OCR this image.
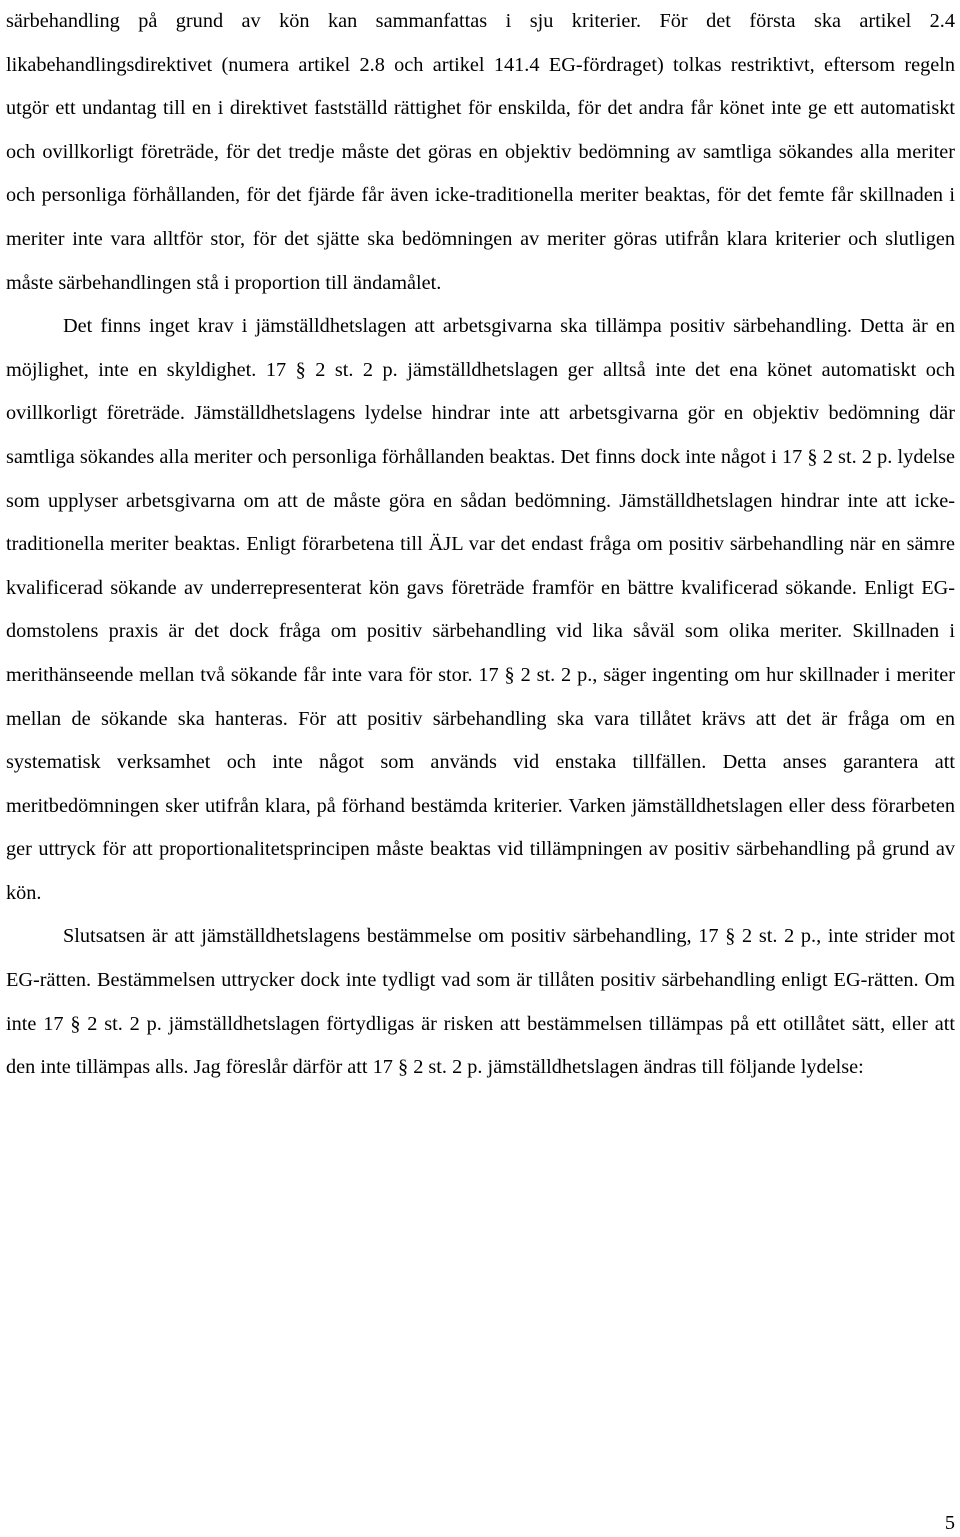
särbehandling på grund av kön kan sammanfattas i sju kriterier. För det första ska artikel 2.4 likabehandlingsdirektivet (numera artikel 2.8 och artikel 141.4 EG-fördraget) tolkas restriktivt, eftersom regeln utgör ett undantag till en i direktivet fastställd rättighet för enskilda, för det andra får könet inte ge ett automatiskt och ovillkorligt företräde, för det tredje måste det göras en objektiv bedömning av samtliga sökandes alla meriter och personliga förhållanden, för det fjärde får även icke-traditionella meriter beaktas, för det femte får skillnaden i meriter inte vara alltför stor, för det sjätte ska bedömningen av meriter göras utifrån klara kriterier och slutligen måste särbehandlingen stå i proportion till ändamålet.

Det finns inget krav i jämställdhetslagen att arbetsgivarna ska tillämpa positiv särbehandling. Detta är en möjlighet, inte en skyldighet. 17 § 2 st. 2 p. jämställdhetslagen ger alltså inte det ena könet automatiskt och ovillkorligt företräde. Jämställdhetslagens lydelse hindrar inte att arbetsgivarna gör en objektiv bedömning där samtliga sökandes alla meriter och personliga förhållanden beaktas. Det finns dock inte något i 17 § 2 st. 2 p. lydelse som upplyser arbetsgivarna om att de måste göra en sådan bedömning. Jämställdhetslagen hindrar inte att icke-traditionella meriter beaktas. Enligt förarbetena till ÄJL var det endast fråga om positiv särbehandling när en sämre kvalificerad sökande av underrepresenterat kön gavs företräde framför en bättre kvalificerad sökande. Enligt EG-domstolens praxis är det dock fråga om positiv särbehandling vid lika såväl som olika meriter. Skillnaden i merithänseende mellan två sökande får inte vara för stor. 17 § 2 st. 2 p., säger ingenting om hur skillnader i meriter mellan de sökande ska hanteras. För att positiv särbehandling ska vara tillåtet krävs att det är fråga om en systematisk verksamhet och inte något som används vid enstaka tillfällen. Detta anses garantera att meritbedömningen sker utifrån klara, på förhand bestämda kriterier. Varken jämställdhetslagen eller dess förarbeten ger uttryck för att proportionalitetsprincipen måste beaktas vid tillämpningen av positiv särbehandling på grund av kön.

Slutsatsen är att jämställdhetslagens bestämmelse om positiv särbehandling, 17 § 2 st. 2 p., inte strider mot EG-rätten. Bestämmelsen uttrycker dock inte tydligt vad som är tillåten positiv särbehandling enligt EG-rätten. Om inte 17 § 2 st. 2 p. jämställdhetslagen förtydligas är risken att bestämmelsen tillämpas på ett otillåtet sätt, eller att den inte tillämpas alls. Jag föreslår därför att 17 § 2 st. 2 p. jämställdhetslagen ändras till följande lydelse:

5
